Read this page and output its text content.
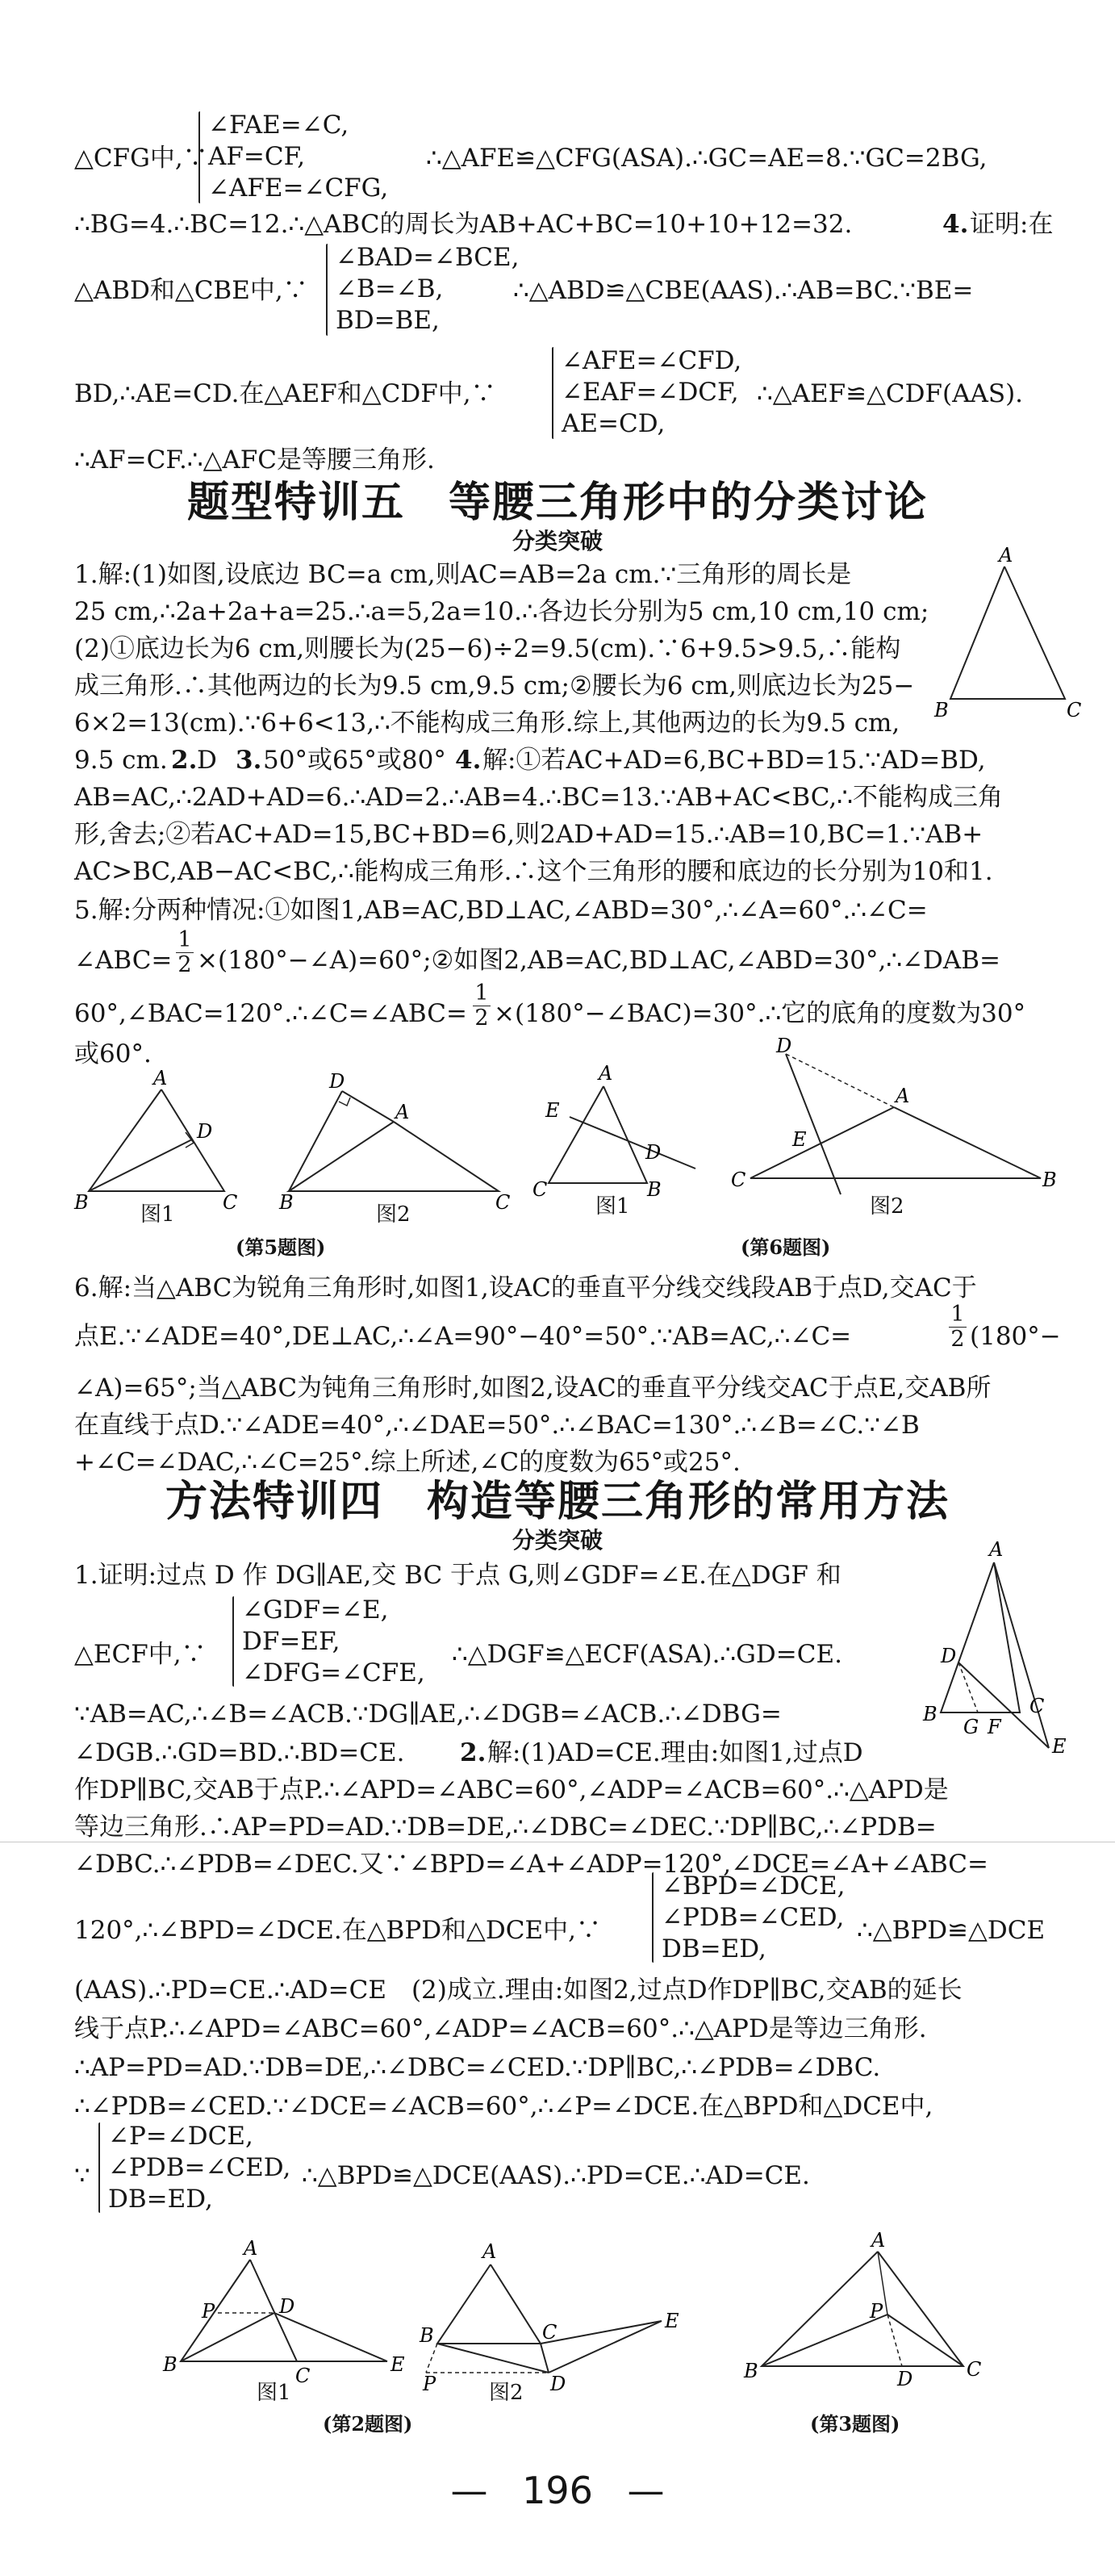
△CFG中,∵
∠FAE=∠C,
AF=CF,
∠AFE=∠CFG,
∴△AFE≌△CFG(ASA).∴GC=AE=8.∵GC=2BG,
∴BG=4.∴BC=12.∴△ABC的周长为AB+AC+BC=10+10+12=32.	4. 证明:在
△ABD和△CBE中,∵
∠BAD=∠BCE,
∠B=∠B,
BD=BE,
∴△ABD≌△CBE(AAS).∴AB=BC.∵BE=
BD,∴AE=CD.在△AEF和△CDF中,∵
∠AFE=∠CFD,
∠EAF=∠DCF,
AE=CD,
∴△AEF≌△CDF(AAS).
∴AF=CF.∴△AFC是等腰三角形.
题型特训五　等腰三角形中的分类讨论
分类突破
1.解:(1)如图,设底边 BC=a cm,则AC=AB=2a cm.∵三角形的周长是
25 cm,∴2a+2a+a=25.∴a=5,2a=10.∴各边长分别为5 cm,10 cm,10 cm;
(2)①底边长为6 cm,则腰长为(25−6)÷2=9.5(cm).∵6+9.5>9.5,∴能构
成三角形.∴其他两边的长为9.5 cm,9.5 cm;②腰长为6 cm,则底边长为25−
6×2=13(cm).∵6+6<13,∴不能构成三角形.综上,其他两边的长为9.5 cm,
9.5 cm. 2. D 3. 50°或65°或80° 4. 解:①若AC+AD=6,BC+BD=15.∵AD=BD,
AB=AC,∴2AD+AD=6.∴AD=2.∴AB=4.∴BC=13.∵AB+AC<BC,∴不能构成三角
形,舍去;②若AC+AD=15,BC+BD=6,则2AD+AD=15.∴AB=10,BC=1.∵AB+
AC>BC,AB−AC<BC,∴能构成三角形.∴这个三角形的腰和底边的长分别为10和1.
A
B	C
5.解:分两种情况:①如图1,AB=AC,BD⊥AC,∠ABD=30°,∴∠A=60°.∴∠C=
∠ABC= $\frac{1}{2}$ ×(180°−∠A)=60°;②如图2,AB=AC,BD⊥AC,∠ABD=30°,∴∠DAB=
60°,∠BAC=120°.∴∠C=∠ABC= $\frac{1}{2}$ ×(180°−∠BAC)=30°.∴它的底角的度数为30°
或60°.
A
D
B	C
图1
A
D
B	C
图2
A
E
D
C	B
图1
A
D
E
C	B
图2
(第5题图)	(第6题图)
6.解:当△ABC为锐角三角形时,如图1,设AC的垂直平分线交线段AB于点D,交AC于
点E.∵∠ADE=40°,DE⊥AC,∴∠A=90°−40°=50°.∵AB=AC,∴∠C=	$\frac{1}{2} (180^\circ-$
∠A)=65°;当△ABC为钝角三角形时,如图2,设AC的垂直平分线交AC于点E,交AB所
在直线于点D.∵∠ADE=40°,∴∠DAE=50°.∴∠BAC=130°.∴∠B=∠C.∵∠B
+∠C=∠DAC,∴∠C=25°.综上所述,∠C的度数为65°或25°.
方法特训四　构造等腰三角形的常用方法
分类突破
1.证明:过点 D 作 DG∥AE,交 BC 于点 G,则∠GDF=∠E.在△DGF 和
△ECF中,∵
∠GDF=∠E,
DF=EF,
∠DFG=∠CFE,
∴△DGF≌△ECF(ASA).∴GD=CE.
∵AB=AC,∴∠B=∠ACB.∵DG∥AE,∴∠DGB=∠ACB.∴∠DBG=
∠DGB.∴GD=BD.∴BD=CE. 2. 解:(1)AD=CE.理由:如图1,过点D
A
D
B	C
G F
E
作DP∥BC,交AB于点P.∴∠APD=∠ABC=60°,∠ADP=∠ACB=60°.∴△APD是
等边三角形.∴AP=PD=AD.∵DB=DE,∴∠DBC=∠DEC.∵DP∥BC,∴∠PDB=
∠DBC.∴∠PDB=∠DEC.又∵∠BPD=∠A+∠ADP=120°,∠DCE=∠A+∠ABC=
120°,∴∠BPD=∠DCE.在△BPD和△DCE中,∵
∠BPD=∠DCE,
∠PDB=∠CED,
DB=ED,
∴△BPD≌△DCE
(AAS).∴PD=CE.∴AD=CE　(2)成立.理由:如图2,过点D作DP∥BC,交AB的延长
线于点P.∴∠APD=∠ABC=60°,∠ADP=∠ACB=60°.∴△APD是等边三角形.
∴AP=PD=AD.∵DB=DE,∴∠DBC=∠CED.∵DP∥BC,∴∠PDB=∠DBC.
∴∠PDB=∠CED.∵∠DCE=∠ACB=60°,∴∠P=∠DCE.在△BPD和△DCE中,
∵
∠P=∠DCE,
∠PDB=∠CED,
DB=ED,
∴△BPD≌△DCE(AAS).∴PD=CE.∴AD=CE.
A
P	D
B	C	E
图1
A
B	C
P	D
E
图2
A
P
B	C
D
(第2题图)	(第3题图)
— 196 —
